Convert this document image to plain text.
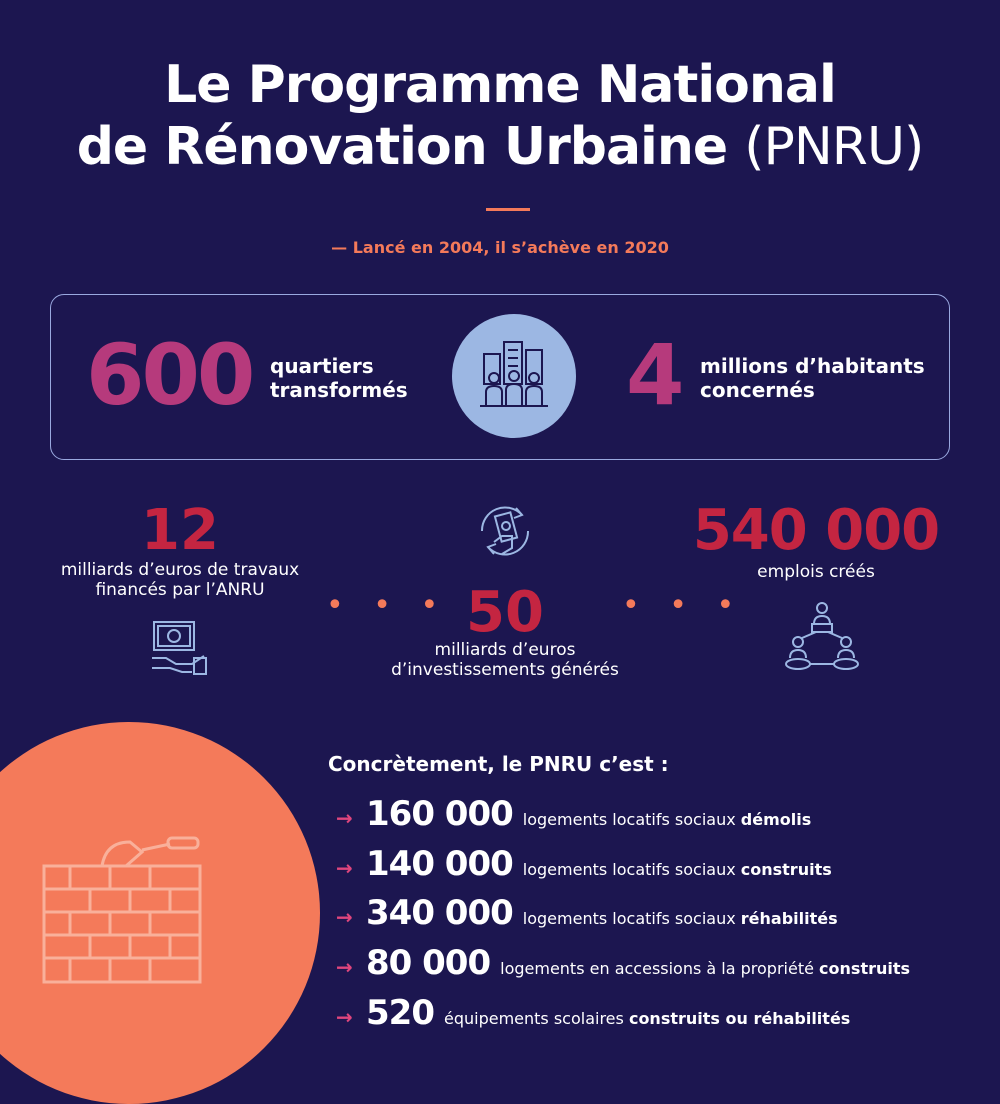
Le Programme National
de Rénovation Urbaine (PNRU)
— Lancé en 2004, il s’achève en 2020
600 quartiers
transformés	4 millions d’habitants
concernés
12
milliards d’euros de travaux
financés par l’ANRU	• • • 50
milliards d’euros
d’investissements générés
• • •
540 000
emplois créés
Concrètement, le PNRU c’est :
→ 160 000 logements locatifs sociaux démolis
→ 140 000 logements locatifs sociaux construits
→ 340 000 logements locatifs sociaux réhabilités
→ 80 000 logements en accessions à la propriété construits
→ 520 équipements scolaires construits ou réhabilités
